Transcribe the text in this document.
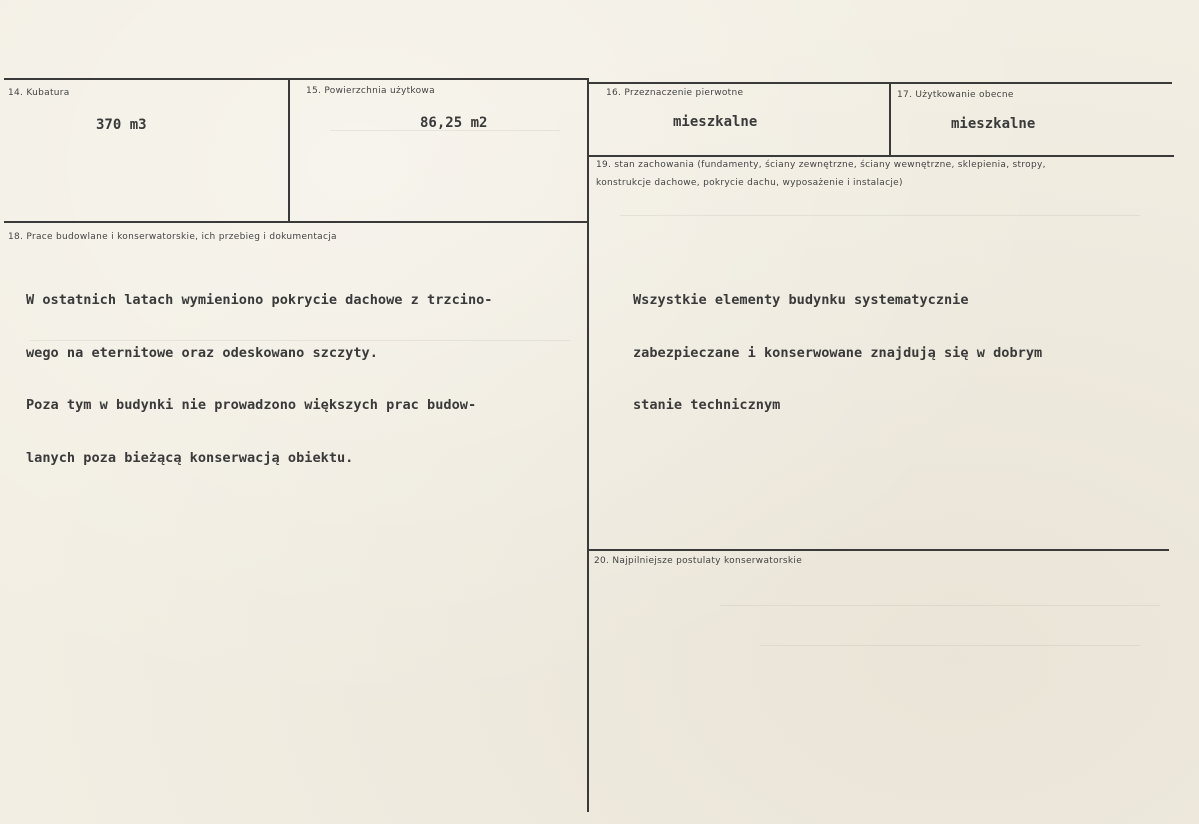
14. Kubatura
370 m3
15. Powierzchnia użytkowa
86,25 m2
16. Przeznaczenie pierwotne
mieszkalne
17. Użytkowanie obecne
mieszkalne
18. Prace budowlane i konserwatorskie, ich przebieg i dokumentacja

W ostatnich latach wymieniono pokrycie dachowe z trzcino-

wego na eternitowe oraz odeskowano szczyty.

Poza tym w budynki nie prowadzono większych prac budow-

lanych poza bieżącą konserwacją obiektu.

19. stan zachowania (fundamenty, ściany zewnętrzne, ściany wewnętrzne, sklepienia, stropy,
konstrukcje dachowe, pokrycie dachu, wyposażenie i instalacje)

Wszystkie elementy budynku systematycznie

zabezpieczane i konserwowane znajdują się w dobrym

stanie technicznym

20. Najpilniejsze postulaty konserwatorskie
